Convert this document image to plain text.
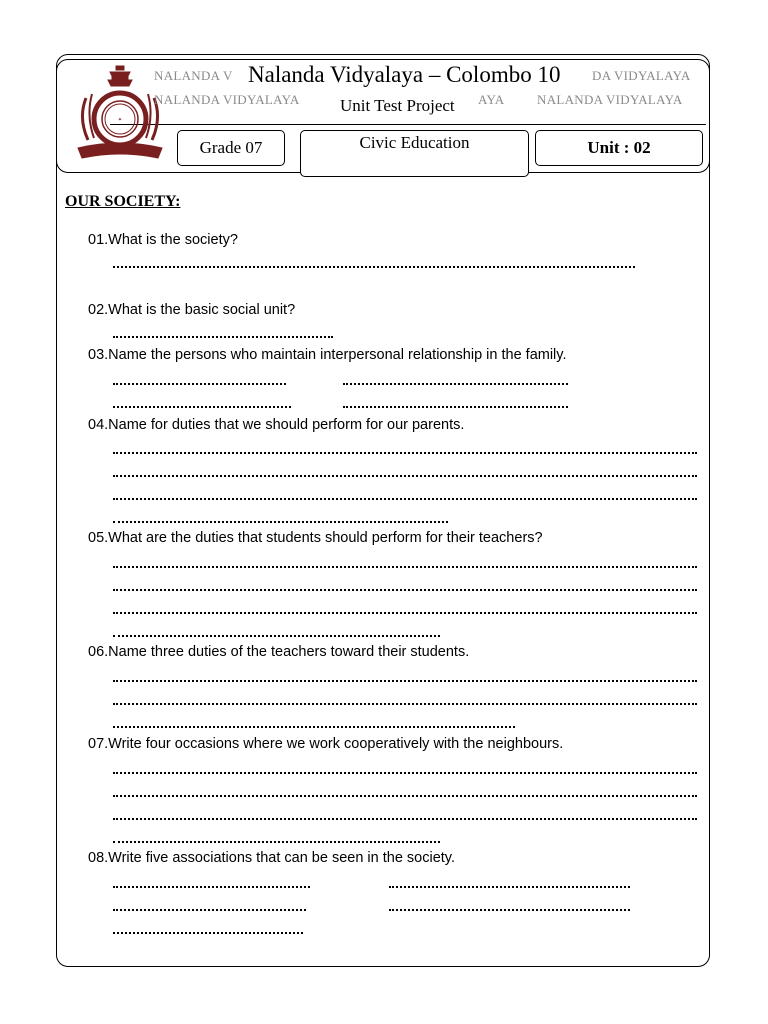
✦
NALANDA V	DA VIDYALAYA
NALANDA VIDYALAYA	AYA	NALANDA VIDYALAYA
Nalanda Vidyalaya – Colombo 10
Unit Test Project
Grade 07	Civic Education	Unit : 02
OUR SOCIETY:
01.What is the society?
02.What is the basic social unit?
03.Name the persons who maintain interpersonal relationship in the family.
04.Name for duties that we should perform for our parents.
05.What are the duties that students should perform for their teachers?
06.Name three duties of the teachers toward their students.
07.Write four occasions where we work cooperatively with the neighbours.
08.Write five associations that can be seen in the society.
